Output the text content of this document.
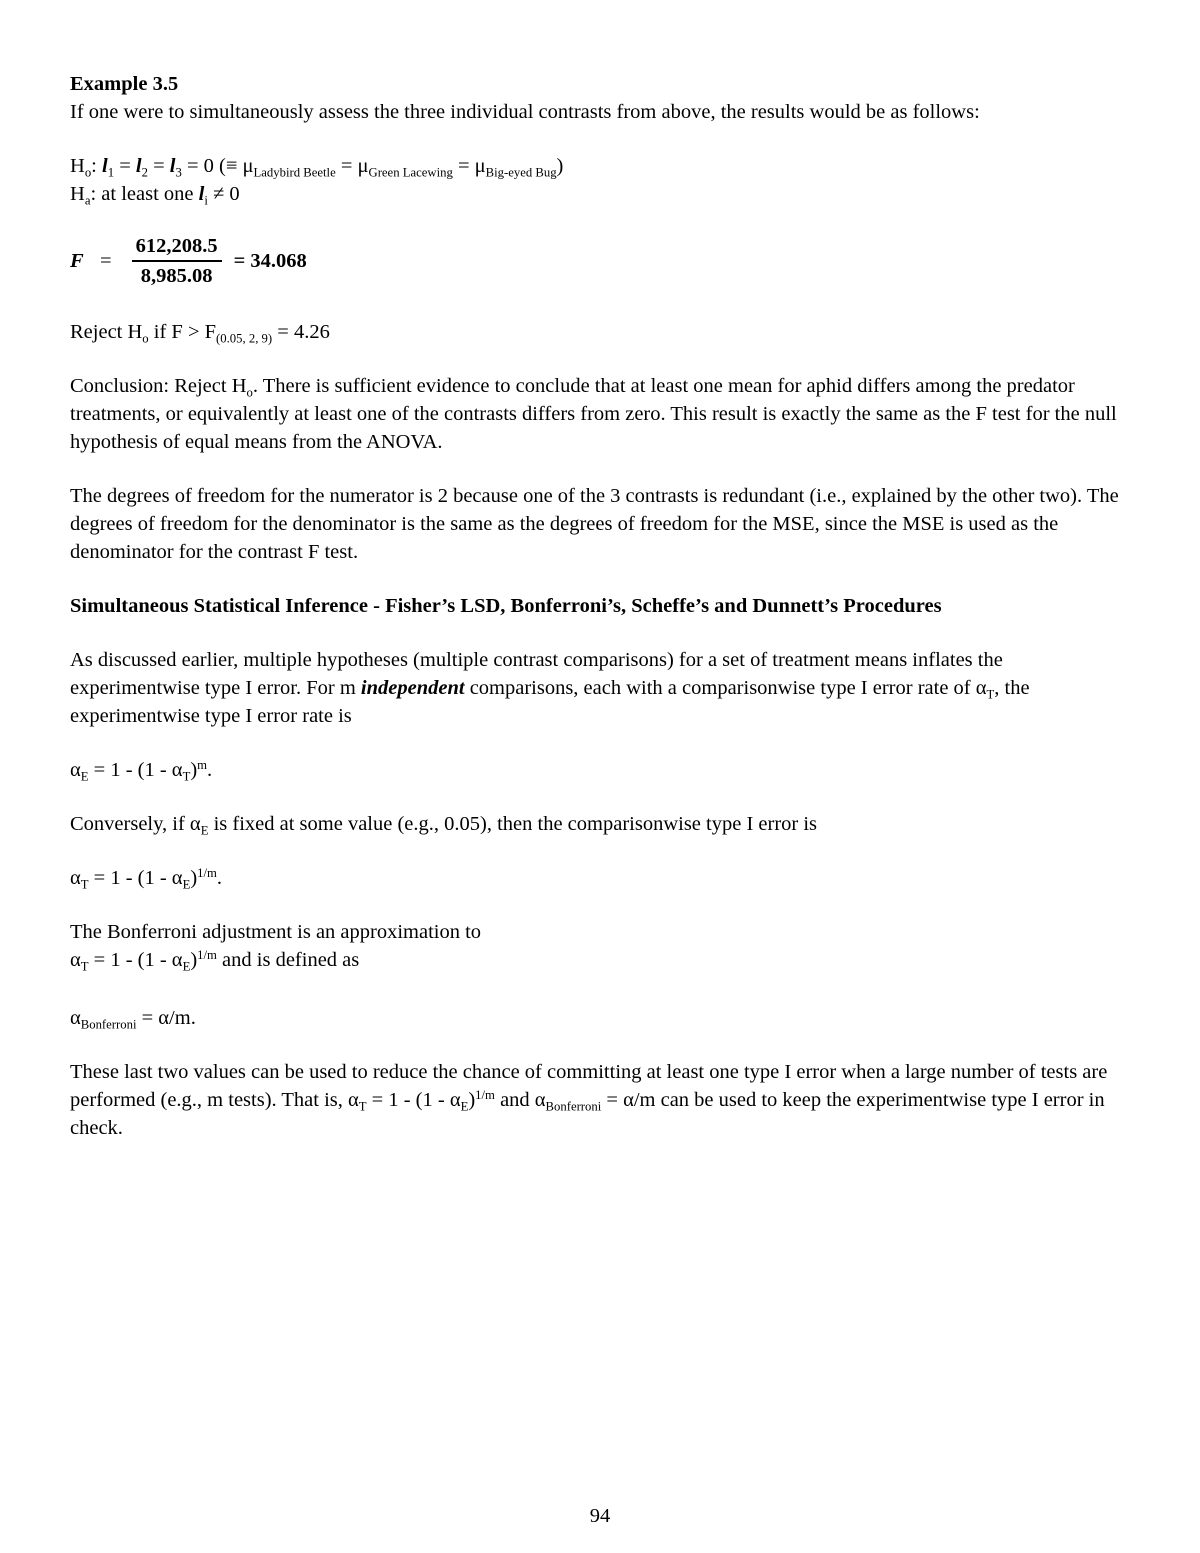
Example 3.5

If one were to simultaneously assess the three individual contrasts from above, the results would be as follows:

$H_o$: $l_1 = l_2 = l_3 = 0$ (≡ $\mu_{Ladybird Beetle} = \mu_{Green Lacewing} = \mu_{Big-eyed Bug}$)

$H_a$: at least one $l_i \ne 0$

$F = \frac{612,208.5}{8,985.08} = 34.068$

Reject $H_o$ if $F > F_{(0.05, 2, 9)} = 4.26$

Conclusion: Reject $H_o$. There is sufficient evidence to conclude that at least one mean for aphid differs among the predator treatments, or equivalently at least one of the contrasts differs from zero. This result is exactly the same as the F test for the null hypothesis of equal means from the ANOVA.

The degrees of freedom for the numerator is 2 because one of the 3 contrasts is redundant (i.e., explained by the other two). The degrees of freedom for the denominator is the same as the degrees of freedom for the MSE, since the MSE is used as the denominator for the contrast F test.

Simultaneous Statistical Inference - Fisher’s LSD, Bonferroni’s, Scheffe’s and Dunnett’s Procedures

As discussed earlier, multiple hypotheses (multiple contrast comparisons) for a set of treatment means inflates the experimentwise type I error. For m independent comparisons, each with a comparisonwise type I error rate of $\alpha_T$, the experimentwise type I error rate is

$\alpha_E = 1 - (1 - \alpha_T)^m$.

Conversely, if $\alpha_E$ is fixed at some value (e.g., 0.05), then the comparisonwise type I error is

$\alpha_T = 1 - (1 - \alpha_E)^{1/m}$.

The Bonferroni adjustment is an approximation to

$\alpha_T = 1 - (1 - \alpha_E)^{1/m}$ and is defined as

$\alpha_{Bonferroni} = \alpha/m$.

These last two values can be used to reduce the chance of committing at least one type I error when a large number of tests are performed (e.g., m tests). That is, $\alpha_T = 1 - (1 - \alpha_E)^{1/m}$ and $\alpha_{Bonferroni} = \alpha/m$ can be used to keep the experimentwise type I error in check.

94
